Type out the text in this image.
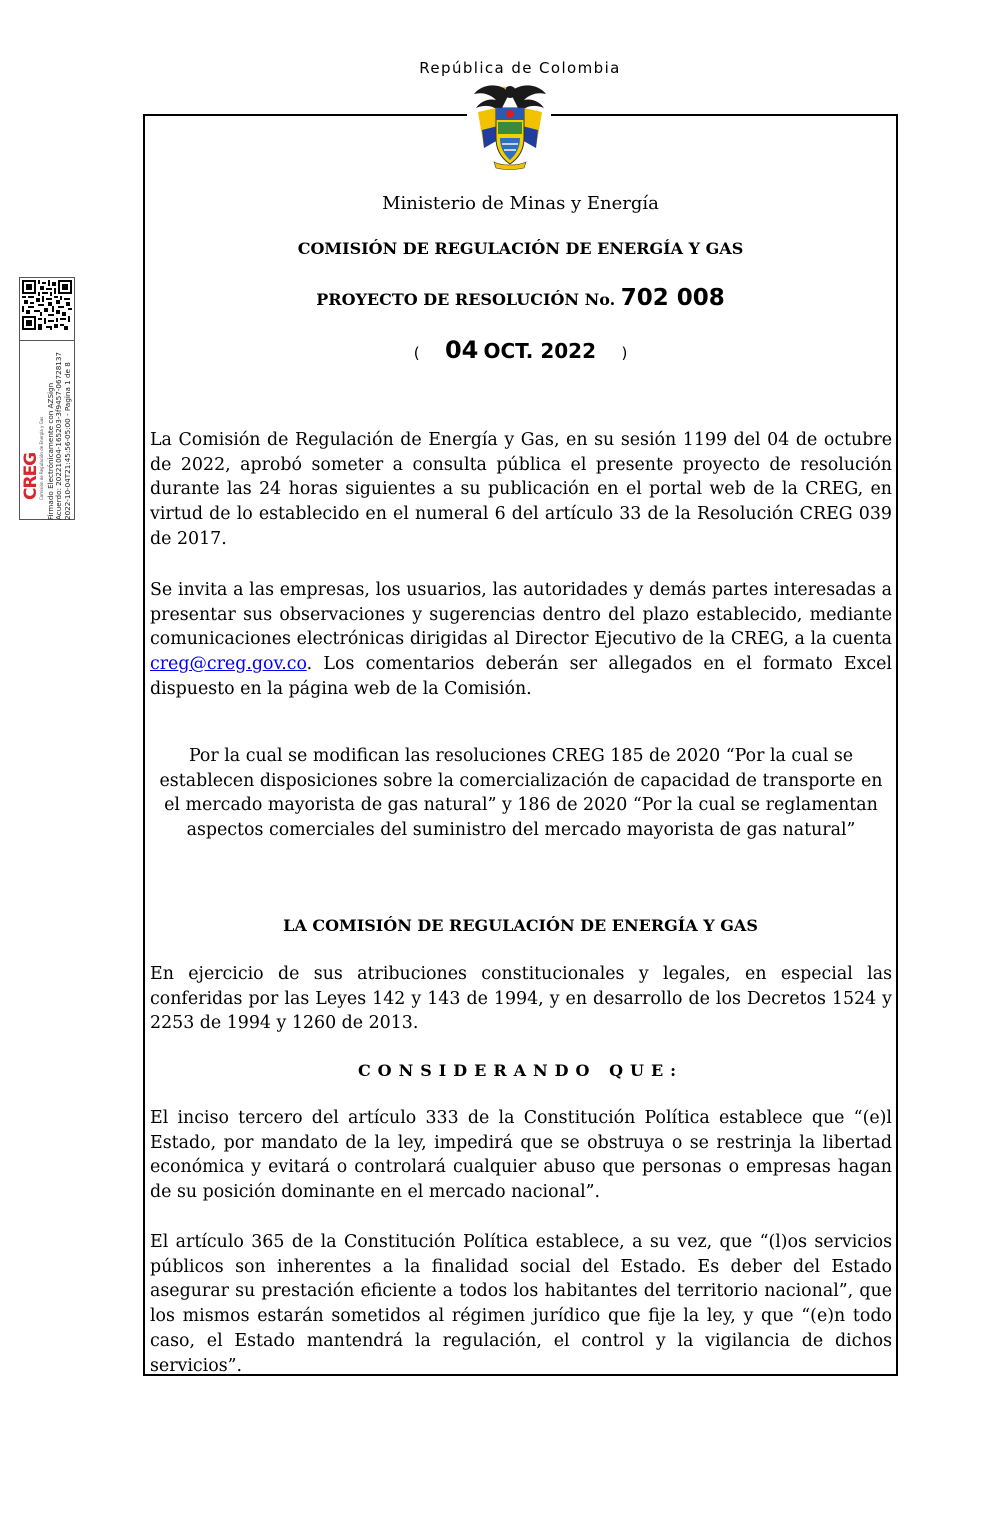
República de Colombia
Ministerio de Minas y Energía
COMISIÓN DE REGULACIÓN DE ENERGÍA Y GAS
PROYECTO DE RESOLUCIÓN No. 702 008
( 04 OCT. 2022 )

La Comisión de Regulación de Energía y Gas, en su sesión 1199 del 04 de octubre de 2022, aprobó someter a consulta pública el presente proyecto de resolución durante las 24 horas siguientes a su publicación en el portal web de la CREG, en virtud de lo establecido en el numeral 6 del artículo 33 de la Resolución CREG 039 de 2017.

Se invita a las empresas, los usuarios, las autoridades y demás partes interesadas a presentar sus observaciones y sugerencias dentro del plazo establecido, mediante comunicaciones electrónicas dirigidas al Director Ejecutivo de la CREG, a la cuenta creg@creg.gov.co. Los comentarios deberán ser allegados en el formato Excel dispuesto en la página web de la Comisión.

Por la cual se modifican las resoluciones CREG 185 de 2020 “Por la cual se establecen disposiciones sobre la comercialización de capacidad de transporte en el mercado mayorista de gas natural” y 186 de 2020 “Por la cual se reglamentan aspectos comerciales del suministro del mercado mayorista de gas natural”

LA COMISIÓN DE REGULACIÓN DE ENERGÍA Y GAS

En ejercicio de sus atribuciones constitucionales y legales, en especial las conferidas por las Leyes 142 y 143 de 1994, y en desarrollo de los Decretos 1524 y 2253 de 1994 y 1260 de 2013.

CONSIDERANDO QUE:

El inciso tercero del artículo 333 de la Constitución Política establece que “(e)l Estado, por mandato de la ley, impedirá que se obstruya o se restrinja la libertad económica y evitará o controlará cualquier abuso que personas o empresas hagan de su posición dominante en el mercado nacional”.

El artículo 365 de la Constitución Política establece, a su vez, que “(l)os servicios públicos son inherentes a la finalidad social del Estado. Es deber del Estado asegurar su prestación eficiente a todos los habitantes del territorio nacional”, que los mismos estarán sometidos al régimen jurídico que fije la ley, y que “(e)n todo caso, el Estado mantendrá la regulación, el control y la vigilancia de dichos servicios”.

Firmado Electrónicamente con AZSign Acuerdo: 20221004-165203-3f9457-06728137 2022-10-04T21:45:56-05:00 - Pagina 1 de 8
CREG
Comisión de Regulación de Energía y Gas
